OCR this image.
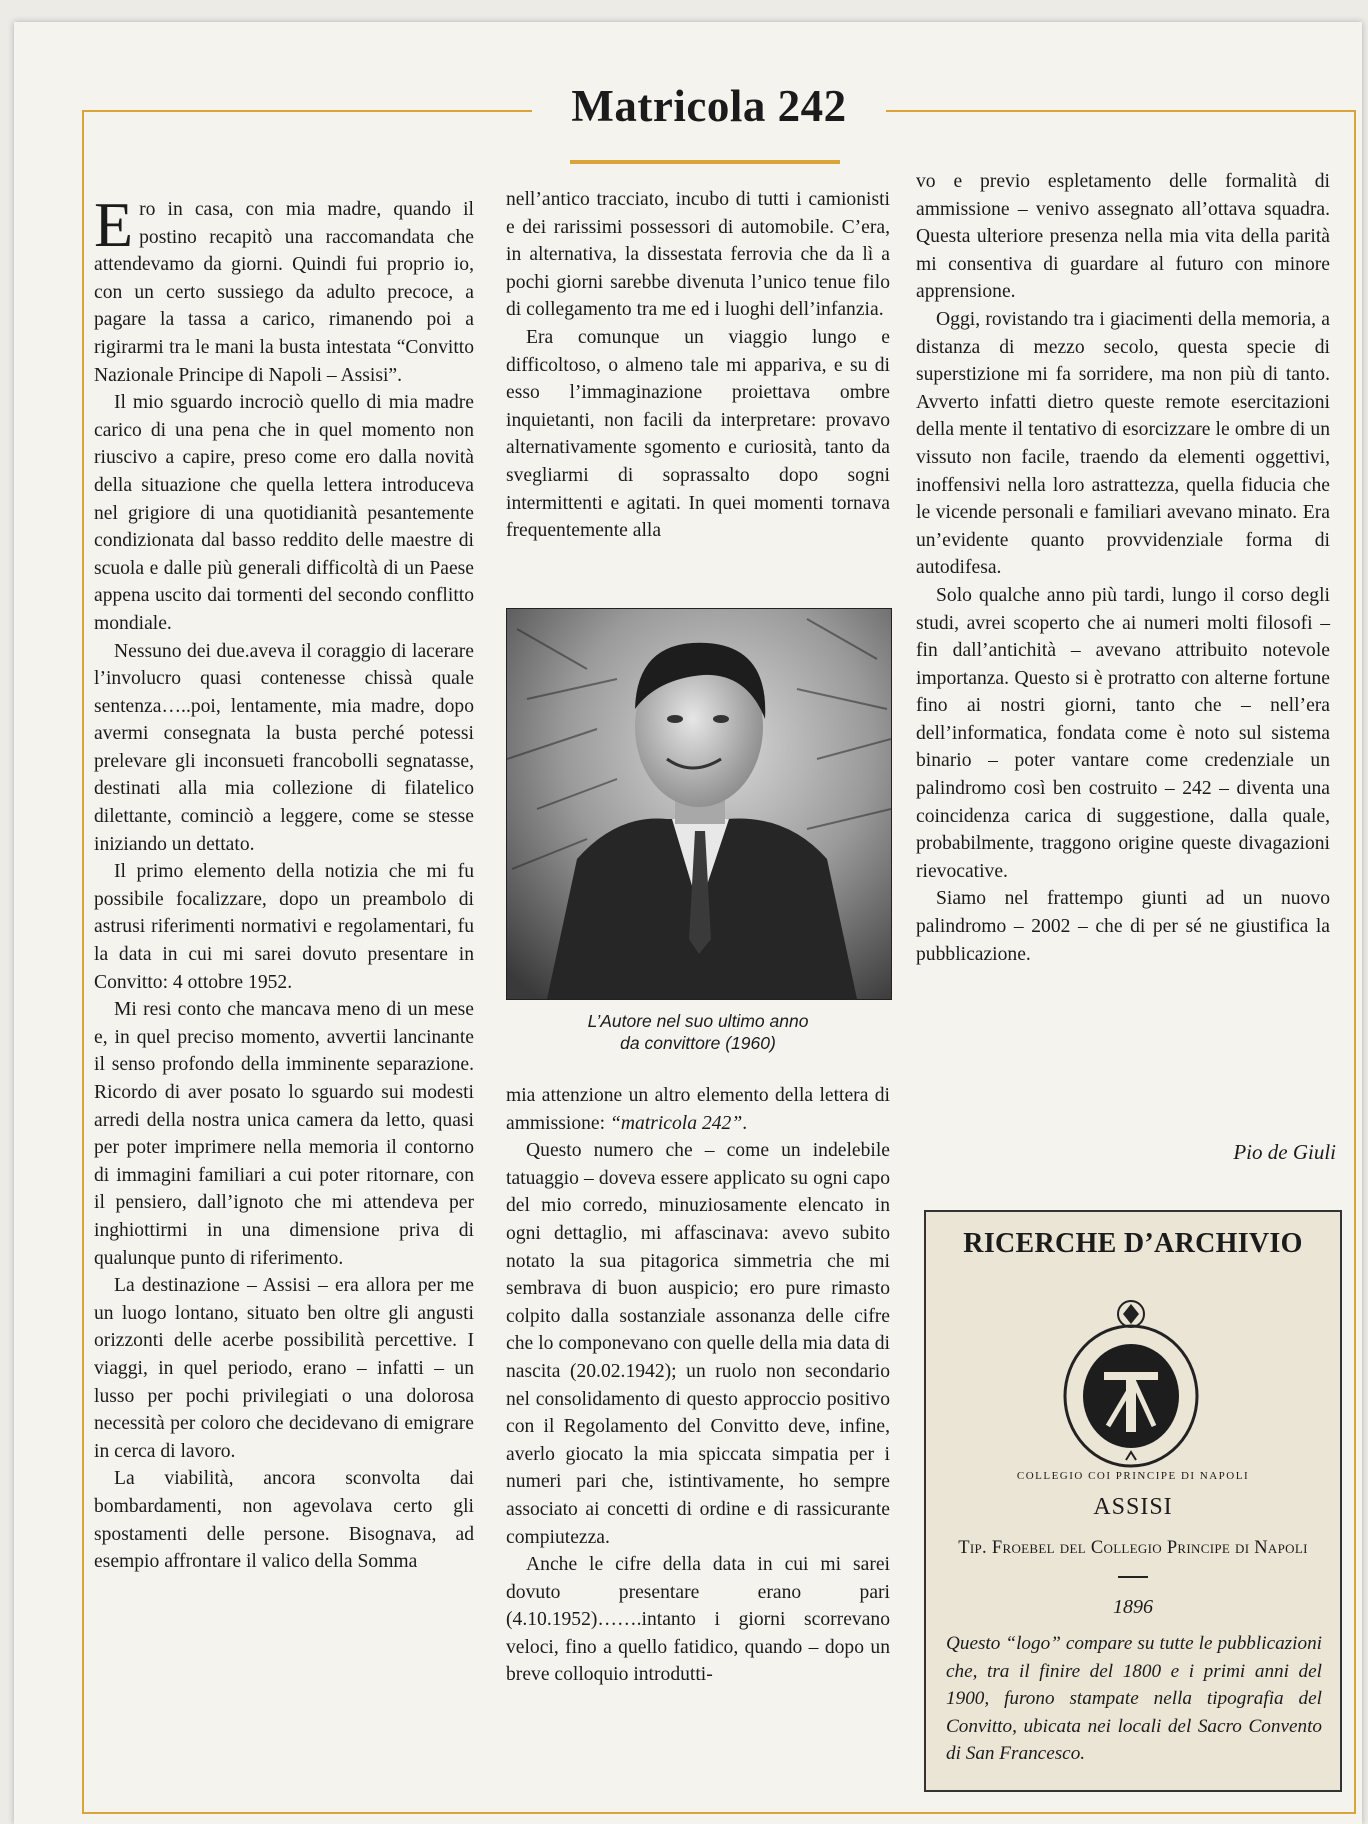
Matricola 242

Ero in casa, con mia madre, quando il postino recapitò una raccomandata che attendevamo da giorni. Quindi fui proprio io, con un certo sussiego da adulto precoce, a pagare la tassa a carico, rimanendo poi a rigirarmi tra le mani la busta intestata “Convitto Nazionale Principe di Napoli – Assisi”.

Il mio sguardo incrociò quello di mia madre carico di una pena che in quel momento non riuscivo a capire, preso come ero dalla novità della situazione che quella lettera introduceva nel grigiore di una quotidianità pesantemente condizionata dal basso reddito delle maestre di scuola e dalle più generali difficoltà di un Paese appena uscito dai tormenti del secondo conflitto mondiale.

Nessuno dei due.aveva il coraggio di lacerare l’involucro quasi contenesse chissà quale sentenza…..poi, lentamente, mia madre, dopo avermi consegnata la busta perché potessi prelevare gli inconsueti francobolli segnatasse, destinati alla mia collezione di filatelico dilettante, cominciò a leggere, come se stesse iniziando un dettato.

Il primo elemento della notizia che mi fu possibile focalizzare, dopo un preambolo di astrusi riferimenti normativi e regolamentari, fu la data in cui mi sarei dovuto presentare in Convitto: 4 ottobre 1952.

Mi resi conto che mancava meno di un mese e, in quel preciso momento, avvertii lancinante il senso profondo della imminente separazione. Ricordo di aver posato lo sguardo sui modesti arredi della nostra unica camera da letto, quasi per poter imprimere nella memoria il contorno di immagini familiari a cui poter ritornare, con il pensiero, dall’ignoto che mi attendeva per inghiottirmi in una dimensione priva di qualunque punto di riferimento.

La destinazione – Assisi – era allora per me un luogo lontano, situato ben oltre gli angusti orizzonti delle acerbe possibilità percettive. I viaggi, in quel periodo, erano – infatti – un lusso per pochi privilegiati o una dolorosa necessità per coloro che decidevano di emigrare in cerca di lavoro.

La viabilità, ancora sconvolta dai bombardamenti, non agevolava certo gli spostamenti delle persone. Bisognava, ad esempio affrontare il valico della Somma

nell’antico tracciato, incubo di tutti i camionisti e dei rarissimi possessori di automobile. C’era, in alternativa, la dissestata ferrovia che da lì a pochi giorni sarebbe divenuta l’unico tenue filo di collegamento tra me ed i luoghi dell’infanzia.

Era comunque un viaggio lungo e difficoltoso, o almeno tale mi appariva, e su di esso l’immaginazione proiettava ombre inquietanti, non facili da interpretare: provavo alternativamente sgomento e curiosità, tanto da svegliarmi di soprassalto dopo sogni intermittenti e agitati. In quei momenti tornava frequentemente alla

L’Autore nel suo ultimo anno
da convittore (1960)

mia attenzione un altro elemento della lettera di ammissione: “matricola 242”.

Questo numero che – come un indelebile tatuaggio – doveva essere applicato su ogni capo del mio corredo, minuziosamente elencato in ogni dettaglio, mi affascinava: avevo subito notato la sua pitagorica simmetria che mi sembrava di buon auspicio; ero pure rimasto colpito dalla sostanziale assonanza delle cifre che lo componevano con quelle della mia data di nascita (20.02.1942); un ruolo non secondario nel consolidamento di questo approccio positivo con il Regolamento del Convitto deve, infine, averlo giocato la mia spiccata simpatia per i numeri pari che, istintivamente, ho sempre associato ai concetti di ordine e di rassicurante compiutezza.

Anche le cifre della data in cui mi sarei dovuto presentare erano pari (4.10.1952)…….intanto i giorni scorrevano veloci, fino a quello fatidico, quando – dopo un breve colloquio introdutti-

vo e previo espletamento delle formalità di ammissione – venivo assegnato all’ottava squadra. Questa ulteriore presenza nella mia vita della parità mi consentiva di guardare al futuro con minore apprensione.

Oggi, rovistando tra i giacimenti della memoria, a distanza di mezzo secolo, questa specie di superstizione mi fa sorridere, ma non più di tanto. Avverto infatti dietro queste remote esercitazioni della mente il tentativo di esorcizzare le ombre di un vissuto non facile, traendo da elementi oggettivi, inoffensivi nella loro astrattezza, quella fiducia che le vicende personali e familiari avevano minato. Era un’evidente quanto provvidenziale forma di autodifesa.

Solo qualche anno più tardi, lungo il corso degli studi, avrei scoperto che ai numeri molti filosofi – fin dall’antichità – avevano attribuito notevole importanza. Questo si è protratto con alterne fortune fino ai nostri giorni, tanto che – nell’era dell’informatica, fondata come è noto sul sistema binario – poter vantare come credenziale un palindromo così ben costruito – 242 – diventa una coincidenza carica di suggestione, dalla quale, probabilmente, traggono origine queste divagazioni rievocative.

Siamo nel frattempo giunti ad un nuovo palindromo – 2002 – che di per sé ne giustifica la pubblicazione.

Pio de Giuli
RICERCHE D’ARCHIVIO
COLLEGIO COI PRINCIPE DI NAPOLI
ASSISI
Tip. Froebel del Collegio Principe di Napoli
1896
Questo “logo” compare su tutte le pubblicazioni che, tra il finire del 1800 e i primi anni del 1900, furono stampate nella tipografia del Convitto, ubicata nei locali del Sacro Convento di San Francesco.
